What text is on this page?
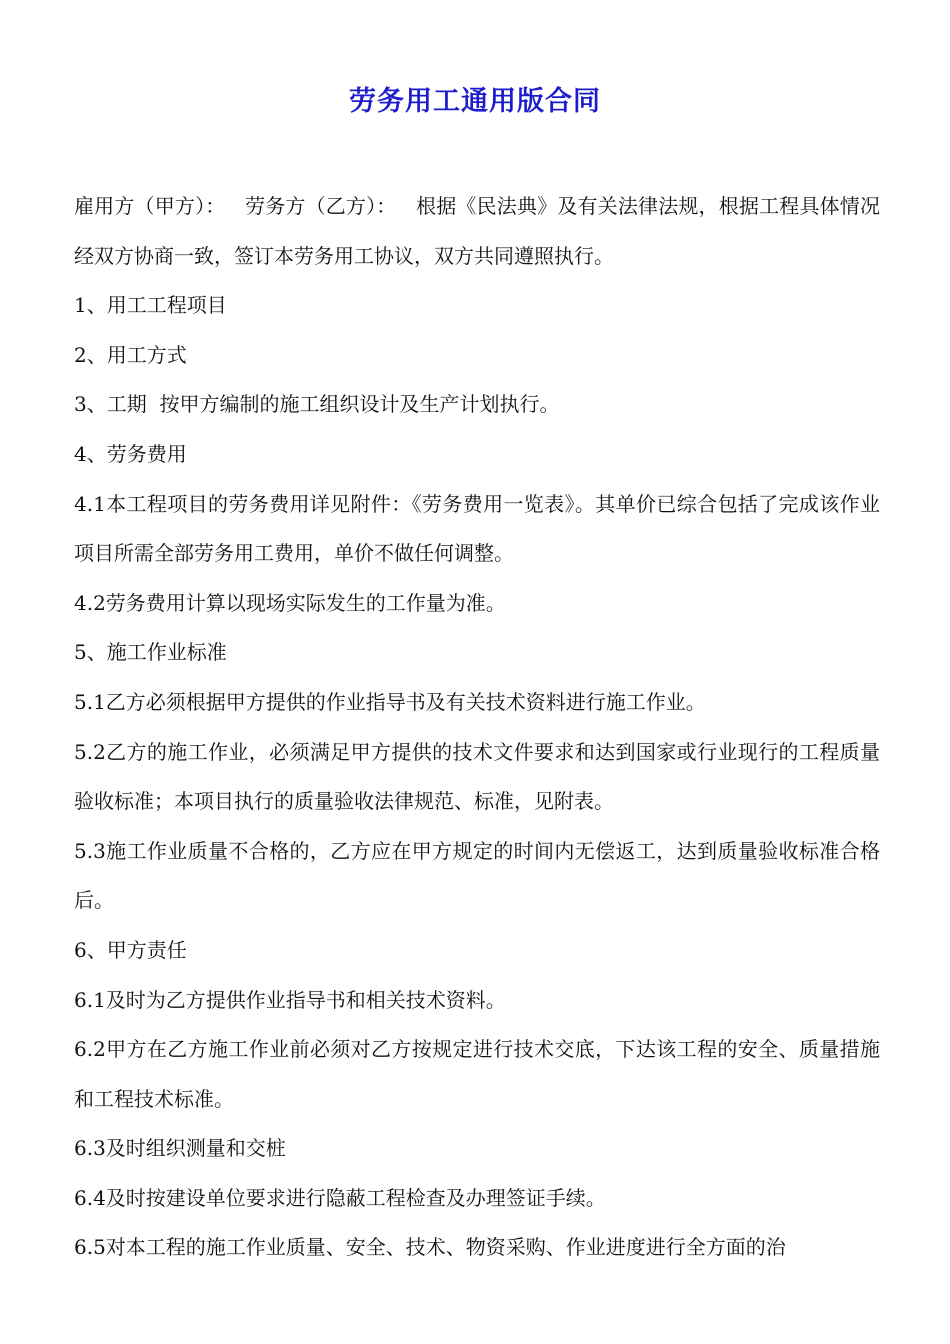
劳务用工通用版合同

雇用方（甲方）：   劳务方（乙方）：   根据《民法典》及有关法律法规，根据工程具体情况经双方协商一致，签订本劳务用工协议，双方共同遵照执行。

1、用工工程项目

2、用工方式

3、工期  按甲方编制的施工组织设计及生产计划执行。

4、劳务费用

4.1本工程项目的劳务费用详见附件：《劳务费用一览表》。其单价已综合包括了完成该作业项目所需全部劳务用工费用，单价不做任何调整。

4.2劳务费用计算以现场实际发生的工作量为准。

5、施工作业标准

5.1乙方必须根据甲方提供的作业指导书及有关技术资料进行施工作业。

5.2乙方的施工作业，必须满足甲方提供的技术文件要求和达到国家或行业现行的工程质量验收标准；本项目执行的质量验收法律规范、标准，见附表。

5.3施工作业质量不合格的，乙方应在甲方规定的时间内无偿返工，达到质量验收标准合格后。

6、甲方责任

6.1及时为乙方提供作业指导书和相关技术资料。

6.2甲方在乙方施工作业前必须对乙方按规定进行技术交底，下达该工程的安全、质量措施和工程技术标准。

6.3及时组织测量和交桩

6.4及时按建设单位要求进行隐蔽工程检查及办理签证手续。

6.5对本工程的施工作业质量、安全、技术、物资采购、作业进度进行全方面的治
